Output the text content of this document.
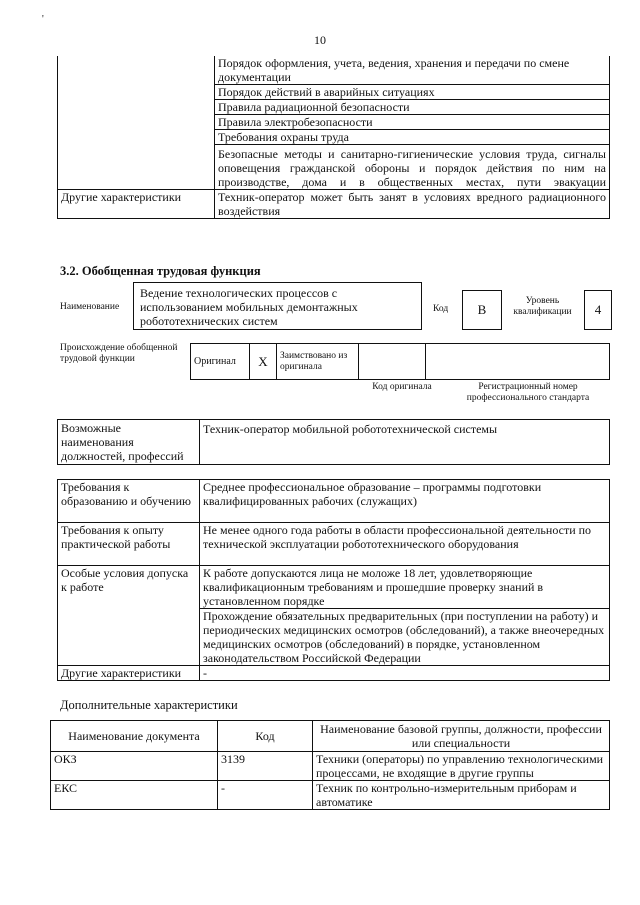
'
10
	Порядок оформления, учета, ведения, хранения и передачи по смене документации
	Порядок действий в аварийных ситуациях
	Правила радиационной безопасности
	Правила электробезопасности
	Требования охраны труда
	Безопасные методы и санитарно-гигиенические условия труда, сигналы оповещения гражданской обороны и порядок действия по ним на производстве, дома и в общественных местах, пути эвакуации
Другие характеристики	Техник-оператор может быть занят в условиях вредного радиационного воздействия
3.2. Обобщенная трудовая функция
Наименование
Ведение технологических процессов с использованием мобильных демонтажных робототехнических систем
Код	B
Уровень квалификации	4
Происхождение обобщенной трудовой функции	Оригинал	X	Заимствовано из оригинала		
Код оригинала	Регистрационный номер профессионального стандарта
Возможные наименования должностей, профессий	Техник-оператор мобильной робототехнической системы
Требования к образованию и обучению	Среднее профессиональное образование – программы подготовки квалифицированных рабочих (служащих)
Требования к опыту практической работы	Не менее одного года работы в области профессиональной деятельности по технической эксплуатации робототехнического оборудования
Особые условия допуска к работе	К работе допускаются лица не моложе 18 лет, удовлетворяющие квалификационным требованиям и прошедшие проверку знаний в установленном порядке
Прохождение обязательных предварительных (при поступлении на работу) и периодических медицинских осмотров (обследований), а также внеочередных медицинских осмотров (обследований) в порядке, установленном законодательством Российской Федерации

Другие характеристики	-
Дополнительные характеристики
Наименование документа	Код	Наименование базовой группы, должности, профессии или специальности
ОКЗ	3139	Техники (операторы) по управлению технологическими процессами, не входящие в другие группы
ЕКС	-	Техник по контрольно-измерительным приборам и автоматике
